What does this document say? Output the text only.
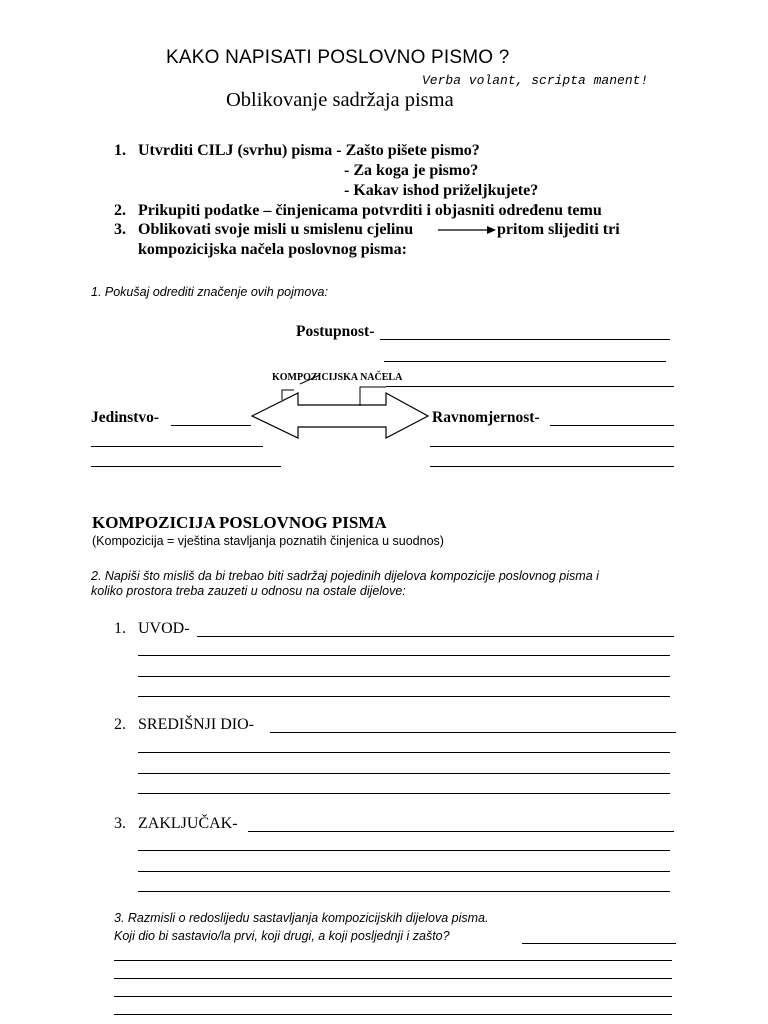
KAKO NAPISATI POSLOVNO PISMO ?
Verba volant, scripta manent!
Oblikovanje sadržaja pisma
1. Utvrditi CILJ (svrhu) pisma - Zašto pišete pismo?
- Za koga je pismo?
- Kakav ishod priželjkujete?
2. Prikupiti podatke – činjenicama potvrditi i objasniti određenu temu
3. Oblikovati svoje misli u smislenu cjelinu	pritom slijediti tri
kompozicijska načela poslovnog pisma:
1. Pokušaj odrediti značenje ovih pojmova:
Postupnost-
KOMPOZICIJSKA NAČELA
Jedinstvo-	Ravnomjernost-
KOMPOZICIJA POSLOVNOG PISMA
(Kompozicija = vještina stavljanja poznatih činjenica u suodnos)
2. Napiši što misliš da bi trebao biti sadržaj pojedinih dijelova kompozicije poslovnog pisma i
koliko prostora treba zauzeti u odnosu na ostale dijelove:
1. UVOD-
2. SREDIŠNJI DIO-
3. ZAKLJUČAK-
3. Razmisli o redoslijedu sastavljanja kompozicijskih dijelova pisma.
Koji dio bi sastavio/la prvi, koji drugi, a koji posljednji i zašto?
